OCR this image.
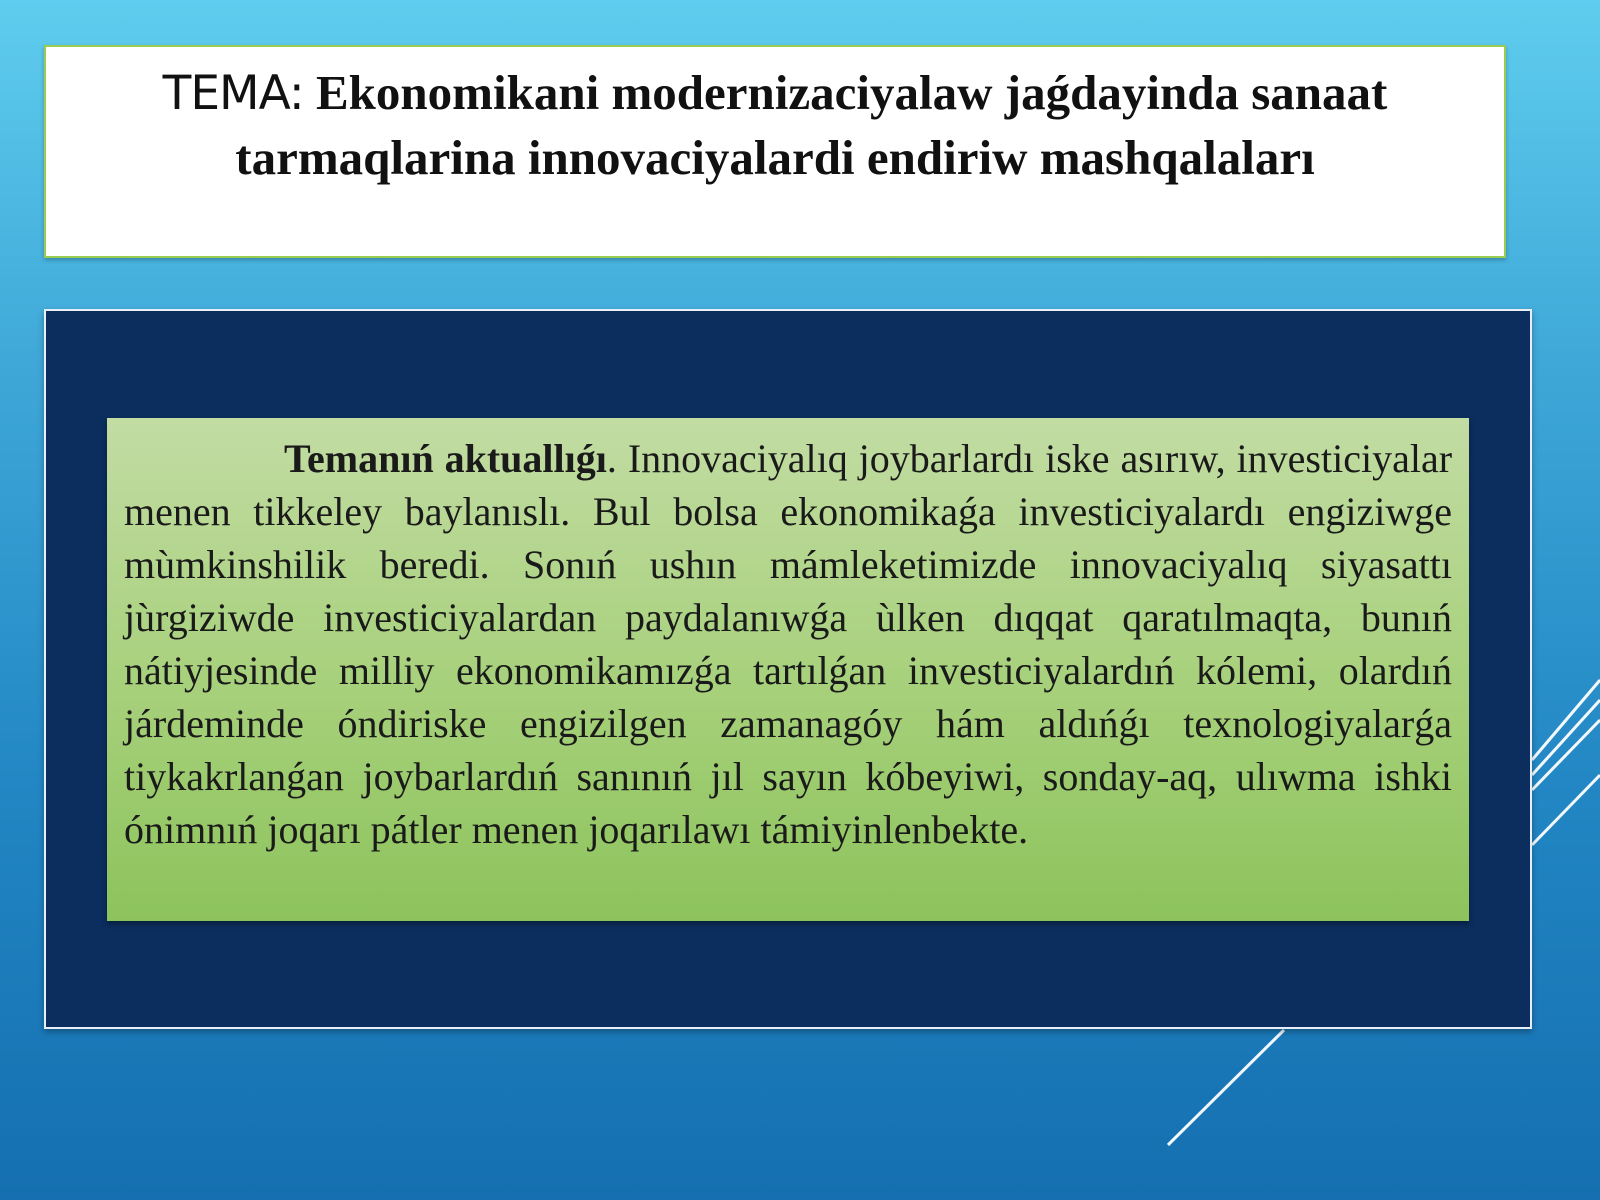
TEMA: Ekonomikani modernizaciyalaw jaǵdayinda sanaat tarmaqlarina innovaciyalardi endiriw mashqalaları

Temanıń aktuallıǵı. Innovaciyalıq joybarlardı iske asırıw, investiciyalar menen tikkeley baylanıslı. Bul bolsa ekonomikaǵa investiciyalardı engiziwge mùmkinshilik beredi. Sonıń ushın mámleketimizde innovaciyalıq siyasattı jùrgiziwde investiciyalardan paydalanıwǵa ùlken dıqqat qaratılmaqta, bunıń nátiyjesinde milliy ekonomikamızǵa tartılǵan investiciyalardıń kólemi, olardıń járdeminde óndiriske engizilgen zamanagóy hám aldıńǵı texnologiyalarǵa tiykakrlanǵan joybarlardıń sanınıń jıl sayın kóbeyiwi, sonday-aq, ulıwma ishki ónimnıń joqarı pátler menen joqarılawı támiyinlenbekte.
